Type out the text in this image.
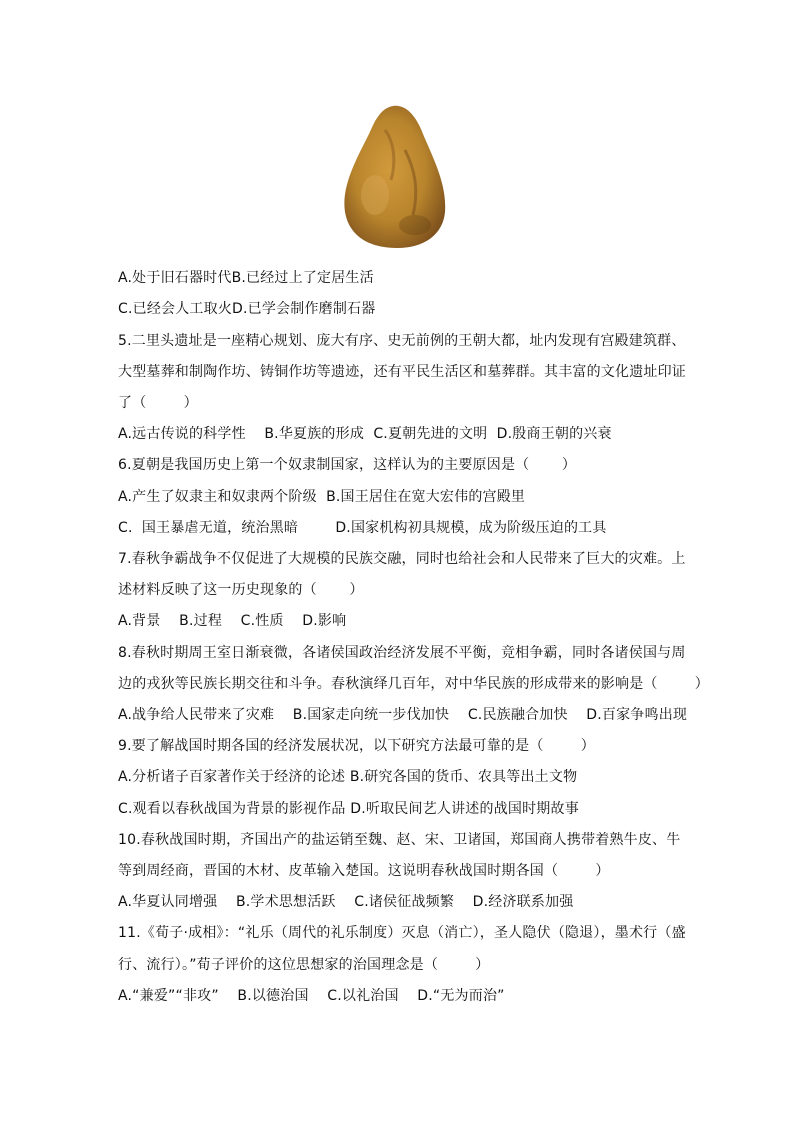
A.处于旧石器时代B.已经过上了定居生活
C.已经会人工取火D.已学会制作磨制石器
5.二里头遗址是一座精心规划、庞大有序、史无前例的王朝大都，址内发现有宫殿建筑群、
大型墓葬和制陶作坊、铸铜作坊等遗迹，还有平民生活区和墓葬群。其丰富的文化遗址印证
了（        ）
A.远古传说的科学性    B.华夏族的形成  C.夏朝先进的文明  D.殷商王朝的兴衰
6.夏朝是我国历史上第一个奴隶制国家，这样认为的主要原因是（       ）
A.产生了奴隶主和奴隶两个阶级  B.国王居住在宽大宏伟的宫殿里
C.  国王暴虐无道，统治黑暗        D.国家机构初具规模，成为阶级压迫的工具
7.春秋争霸战争不仅促进了大规模的民族交融，同时也给社会和人民带来了巨大的灾难。上
述材料反映了这一历史现象的（       ）
A.背景    B.过程    C.性质    D.影响
8.春秋时期周王室日渐衰微，各诸侯国政治经济发展不平衡，竞相争霸，同时各诸侯国与周
边的戎狄等民族长期交往和斗争。春秋演绎几百年，对中华民族的形成带来的影响是（        ）
A.战争给人民带来了灾难    B.国家走向统一步伐加快    C.民族融合加快    D.百家争鸣出现
9.要了解战国时期各国的经济发展状况，以下研究方法最可靠的是（        ）
A.分析诸子百家著作关于经济的论述 B.研究各国的货币、农具等出土文物
C.观看以春秋战国为背景的影视作品 D.听取民间艺人讲述的战国时期故事
10.春秋战国时期，齐国出产的盐运销至魏、赵、宋、卫诸国，郑国商人携带着熟牛皮、牛
等到周经商，晋国的木材、皮革输入楚国。这说明春秋战国时期各国（        ）
A.华夏认同增强    B.学术思想活跃    C.诸侯征战频繁    D.经济联系加强
11.《荀子·成相》：“礼乐（周代的礼乐制度）灭息（消亡），圣人隐伏（隐退），墨术行（盛
行、流行）。”荀子评价的这位思想家的治国理念是（        ）
A.“兼爱”“非攻”    B.以德治国    C.以礼治国    D.“无为而治”
